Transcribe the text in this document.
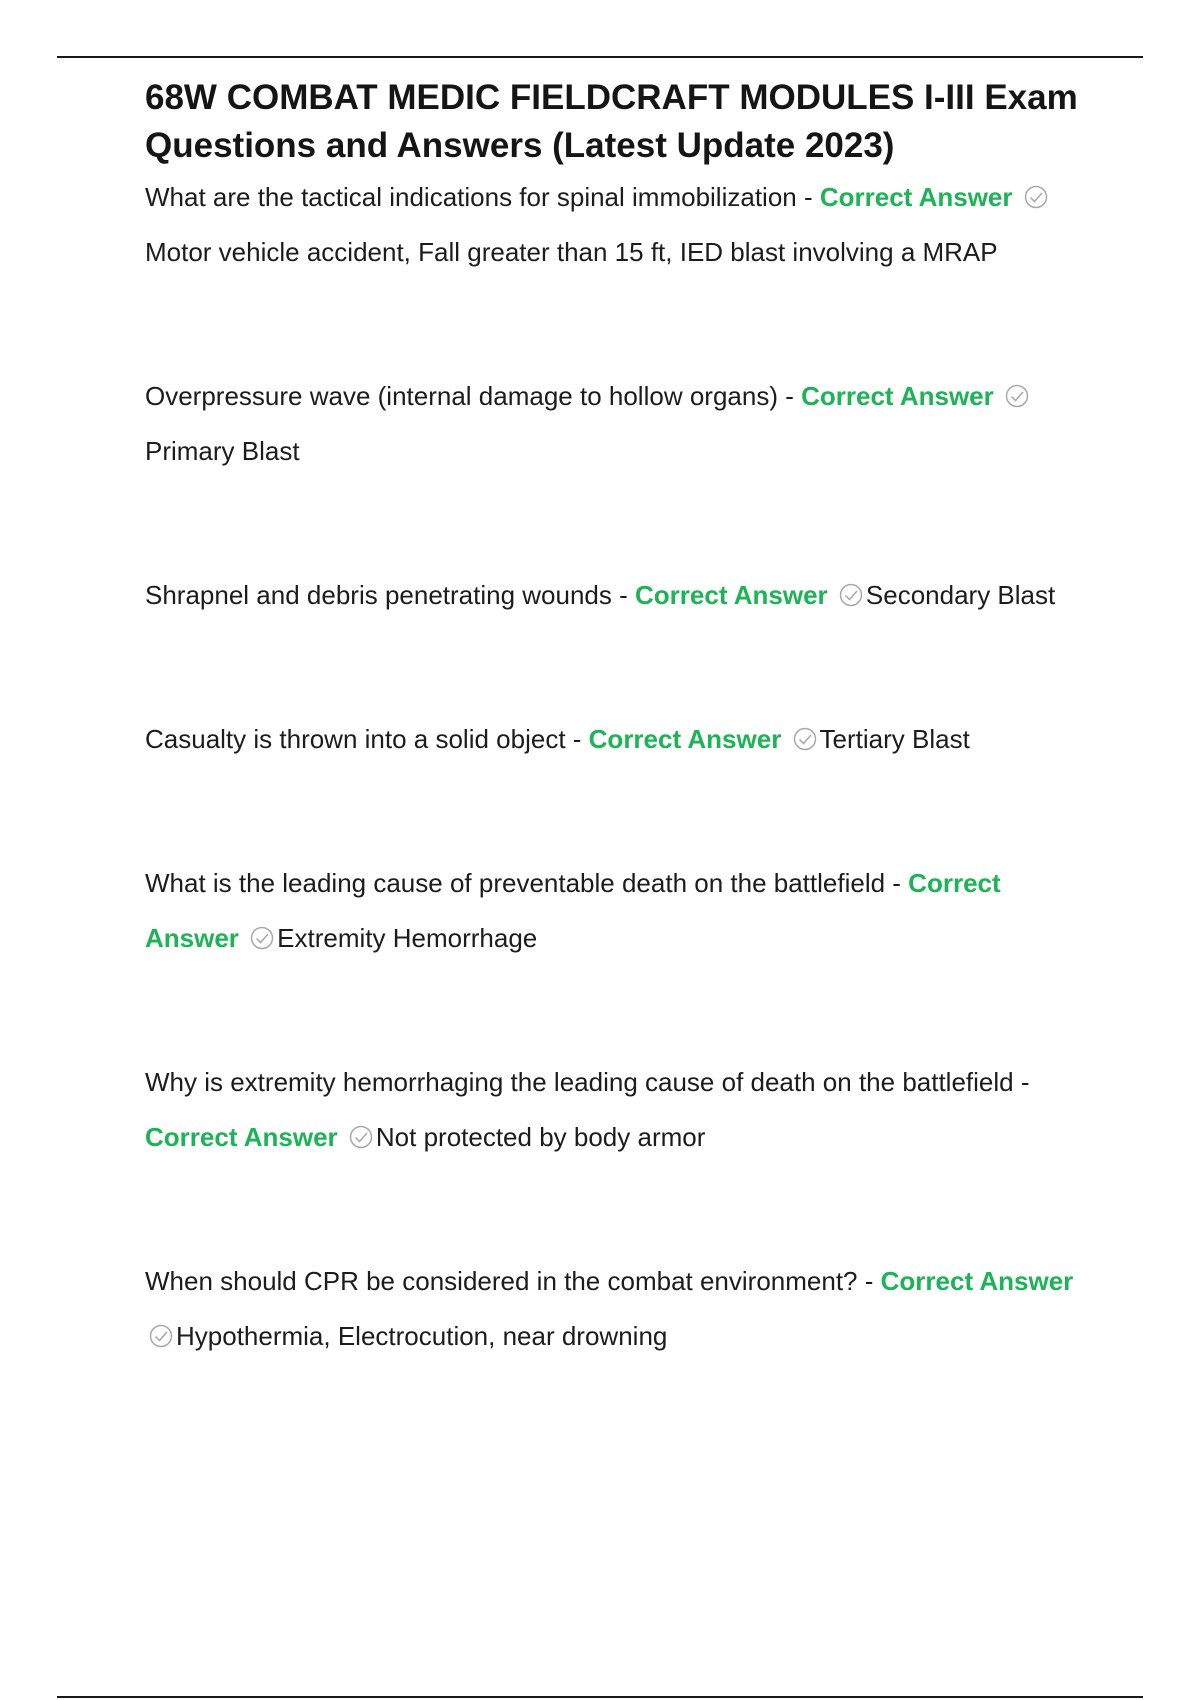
68W COMBAT MEDIC FIELDCRAFT MODULES I-III Exam Questions and Answers (Latest Update 2023)

What are the tactical indications for spinal immobilization - Correct Answer
Motor vehicle accident, Fall greater than 15 ft, IED blast involving a MRAP

Overpressure wave (internal damage to hollow organs) - Correct Answer
Primary Blast

Shrapnel and debris penetrating wounds - Correct Answer Secondary Blast

Casualty is thrown into a solid object - Correct Answer Tertiary Blast

What is the leading cause of preventable death on the battlefield - Correct Answer Extremity Hemorrhage

Why is extremity hemorrhaging the leading cause of death on the battlefield - Correct Answer Not protected by body armor

When should CPR be considered in the combat environment? - Correct Answer
Hypothermia, Electrocution, near drowning
